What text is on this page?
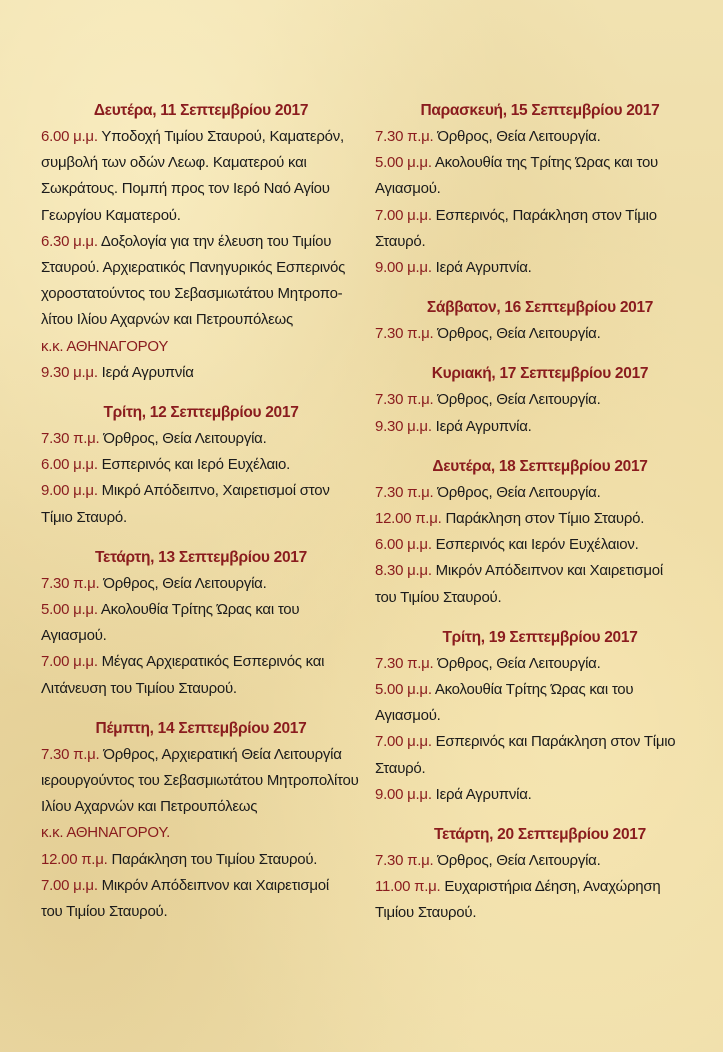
Δευτέρα, 11 Σεπτεμβρίου 2017
6.00 μ.μ. Υποδοχή Τιμίου Σταυρού, Καματερόν,
συμβολή των οδών Λεωφ. Καματερού και
Σωκράτους. Πομπή προς τον Ιερό Ναό Αγίου
Γεωργίου Καματερού.
6.30 μ.μ. Δοξολογία για την έλευση του Τιμίου
Σταυρού. Αρχιερατικός Πανηγυρικός Εσπερινός
χοροστατούντος του Σεβασμιωτάτου Μητροπο-
λίτου Ιλίου Αχαρνών και Πετρουπόλεως
κ.κ. ΑΘΗΝΑΓΟΡΟΥ
9.30 μ.μ. Ιερά Αγρυπνία
Τρίτη, 12 Σεπτεμβρίου 2017
7.30 π.μ. Όρθρος, Θεία Λειτουργία.
6.00 μ.μ. Εσπερινός και Ιερό Ευχέλαιο.
9.00 μ.μ. Μικρό Απόδειπνο, Χαιρετισμοί στον
Τίμιο Σταυρό.
Τετάρτη, 13 Σεπτεμβρίου 2017
7.30 π.μ. Όρθρος, Θεία Λειτουργία.
5.00 μ.μ. Ακολουθία Τρίτης Ώρας και του
Αγιασμού.
7.00 μ.μ. Μέγας Αρχιερατικός Εσπερινός και
Λιτάνευση του Τιμίου Σταυρού.
Πέμπτη, 14 Σεπτεμβρίου 2017
7.30 π.μ. Όρθρος, Αρχιερατική Θεία Λειτουργία
ιερουργούντος του Σεβασμιωτάτου Μητροπολίτου
Ιλίου Αχαρνών και Πετρουπόλεως
κ.κ. ΑΘΗΝΑΓΟΡΟΥ.
12.00 π.μ. Παράκληση του Τιμίου Σταυρού.
7.00 μ.μ. Μικρόν Απόδειπνον και Χαιρετισμοί
του Τιμίου Σταυρού.
Παρασκευή, 15 Σεπτεμβρίου 2017
7.30 π.μ. Όρθρος, Θεία Λειτουργία.
5.00 μ.μ. Ακολουθία της Τρίτης Ώρας και του
Αγιασμού.
7.00 μ.μ. Εσπερινός, Παράκληση στον Τίμιο
Σταυρό.
9.00 μ.μ. Ιερά Αγρυπνία.
Σάββατον, 16 Σεπτεμβρίου 2017
7.30 π.μ. Όρθρος, Θεία Λειτουργία.
Κυριακή, 17 Σεπτεμβρίου 2017
7.30 π.μ. Όρθρος, Θεία Λειτουργία.
9.30 μ.μ. Ιερά Αγρυπνία.
Δευτέρα, 18 Σεπτεμβρίου 2017
7.30 π.μ. Όρθρος, Θεία Λειτουργία.
12.00 π.μ. Παράκληση στον Τίμιο Σταυρό.
6.00 μ.μ. Εσπερινός και Ιερόν Ευχέλαιον.
8.30 μ.μ. Μικρόν Απόδειπνον και Χαιρετισμοί
του Τιμίου Σταυρού.
Τρίτη, 19 Σεπτεμβρίου 2017
7.30 π.μ. Όρθρος, Θεία Λειτουργία.
5.00 μ.μ. Ακολουθία Τρίτης Ώρας και του
Αγιασμού.
7.00 μ.μ. Εσπερινός και Παράκληση στον Τίμιο
Σταυρό.
9.00 μ.μ. Ιερά Αγρυπνία.
Τετάρτη, 20 Σεπτεμβρίου 2017
7.30 π.μ. Όρθρος, Θεία Λειτουργία.
11.00 π.μ. Ευχαριστήρια Δέηση, Αναχώρηση
Τιμίου Σταυρού.
